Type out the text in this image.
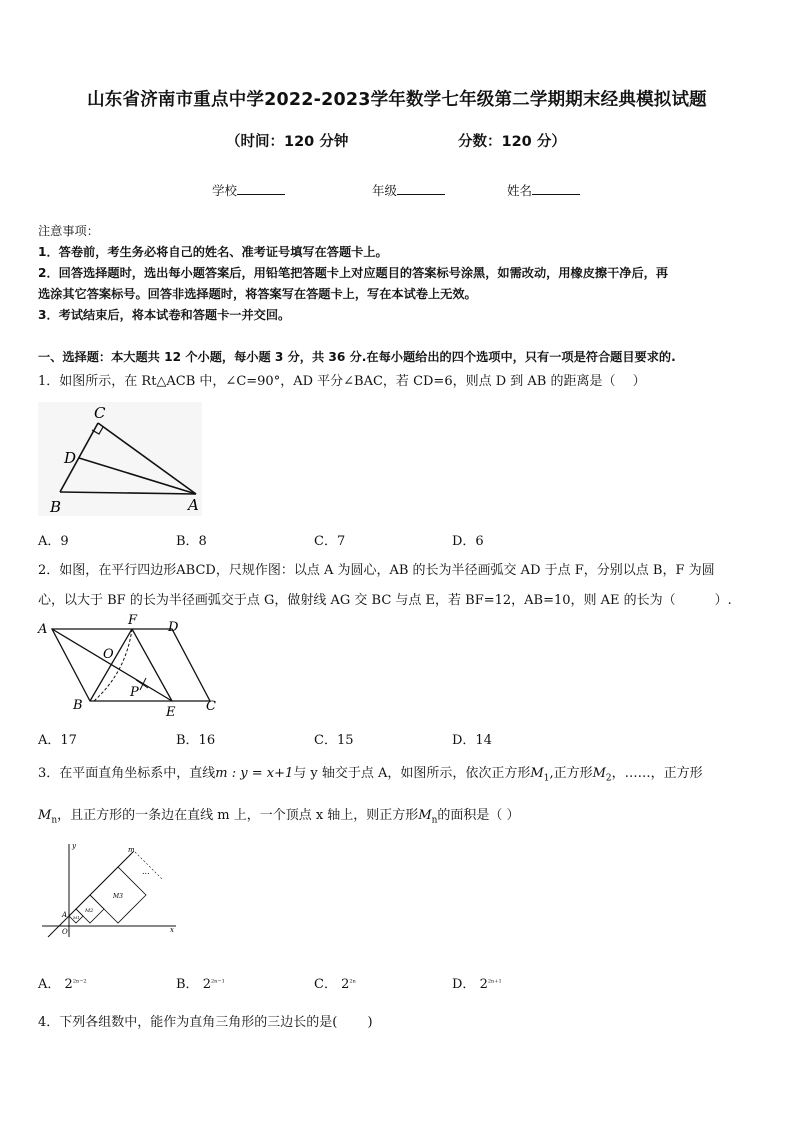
山东省济南市重点中学2022-2023学年数学七年级第二学期期末经典模拟试题
（时间：120 分钟	分数：120 分）
学校	年级	姓名
注意事项：
1．答卷前，考生务必将自己的姓名、准考证号填写在答题卡上。
2．回答选择题时，选出每小题答案后，用铅笔把答题卡上对应题目的答案标号涂黑，如需改动，用橡皮擦干净后，再
选涂其它答案标号。回答非选择题时，将答案写在答题卡上，写在本试卷上无效。
3．考试结束后，将本试卷和答题卡一并交回。
一、选择题：本大题共 12 个小题，每小题 3 分，共 36 分.在每小题给出的四个选项中，只有一项是符合题目要求的.
1．如图所示，在 Rt△ACB 中，∠C=90°，AD 平分∠BAC，若 CD=6，则点 D 到 AB 的距离是（　 ）
C
D
B	A
A．9	B．8	C．7	D．6
2．如图，在平行四边形ABCD，尺规作图：以点 A 为圆心，AB 的长为半径画弧交 AD 于点 F，分别以点 B，F 为圆
心，以大于 BF 的长为半径画弧交于点 G，做射线 AG 交 BC 与点 E，若 BF=12，AB=10，则 AE 的长为（　　　）.
A
F D
O
P
B	E C
A．17	B．16	C．15	D．14
3．在平面直角坐标系中，直线m : y = x+1与 y 轴交于点 A，如图所示，依次正方形$M_1$,正方形$M_2$，……，正方形
$M_n$，且正方形的一条边在直线 m 上，一个顶点 x 轴上，则正方形$M_n$的面积是（ ）
y	m
...
M3
M2
M1
A
O	x
A． $2^{2n-2}$	B． $2^{2n-1}$	C． $2^{2n}$	D． $2^{2n+1}$
4．下列各组数中，能作为直角三角形的三边长的是(　　 )
